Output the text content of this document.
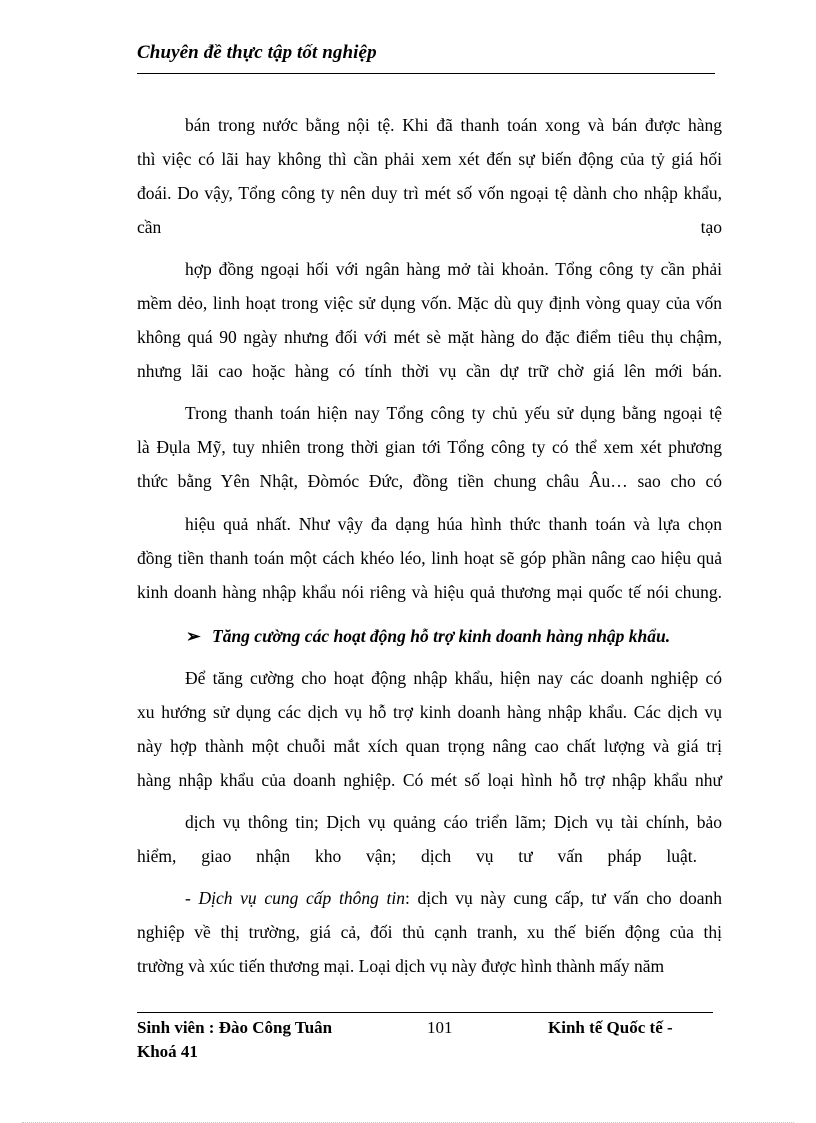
Chuyên đề thực tập tốt nghiệp
bán trong nước bằng nội tệ. Khi đã thanh toán xong và bán được hàng
thì việc có lãi hay không thì cần phải xem xét đến sự biến động của tỷ giá hối
đoái. Do vậy, Tổng công ty nên duy trì mét số vốn ngoại tệ dành cho nhập khẩu,
cần	tạo
hợp đồng ngoại hối với ngân hàng mở tài khoản. Tổng công ty cần phải
mềm dẻo, linh hoạt trong việc sử dụng vốn. Mặc dù quy định vòng quay của vốn
không quá 90 ngày nhưng đối với mét sè mặt hàng do đặc điểm tiêu thụ chậm,
nhưng lãi cao hoặc hàng có tính thời vụ cần dự trữ chờ giá lên mới bán.
Trong thanh toán hiện nay Tổng công ty chủ yếu sử dụng bằng ngoại tệ
là Đụla Mỹ, tuy nhiên trong thời gian tới Tổng công ty có thể xem xét phương
thức bằng Yên Nhật, Đòmóc Đức, đồng tiền chung châu Âu… sao cho có
hiệu quả nhất. Như vậy đa dạng húa hình thức thanh toán và lựa chọn
đồng tiền thanh toán một cách khéo léo, linh hoạt sẽ góp phần nâng cao hiệu quả
kinh doanh hàng nhập khẩu nói riêng và hiệu quả thương mại quốc tế nói chung.
➢ Tăng cường các hoạt động hỗ trợ kinh doanh hàng nhập khẩu.
Để tăng cường cho hoạt động nhập khẩu, hiện nay các doanh nghiệp có
xu hướng sử dụng các dịch vụ hỗ trợ kinh doanh hàng nhập khẩu. Các dịch vụ
này hợp thành một chuỗi mắt xích quan trọng nâng cao chất lượng và giá trị
hàng nhập khẩu của doanh nghiệp. Có mét số loại hình hỗ trợ nhập khẩu như
dịch vụ thông tin; Dịch vụ quảng cáo triển lãm; Dịch vụ tài chính, bảo
hiểm, giao nhận kho vận; dịch vụ tư vấn pháp luật.
- Dịch vụ cung cấp thông tin: dịch vụ này cung cấp, tư vấn cho doanh
nghiệp về thị trường, giá cả, đối thủ cạnh tranh, xu thế biến động của thị
trường và xúc tiến thương mại. Loại dịch vụ này được hình thành mấy năm
Sinh viên : Đào Công Tuân	101	Kinh tế Quốc tế -
Khoá 41
